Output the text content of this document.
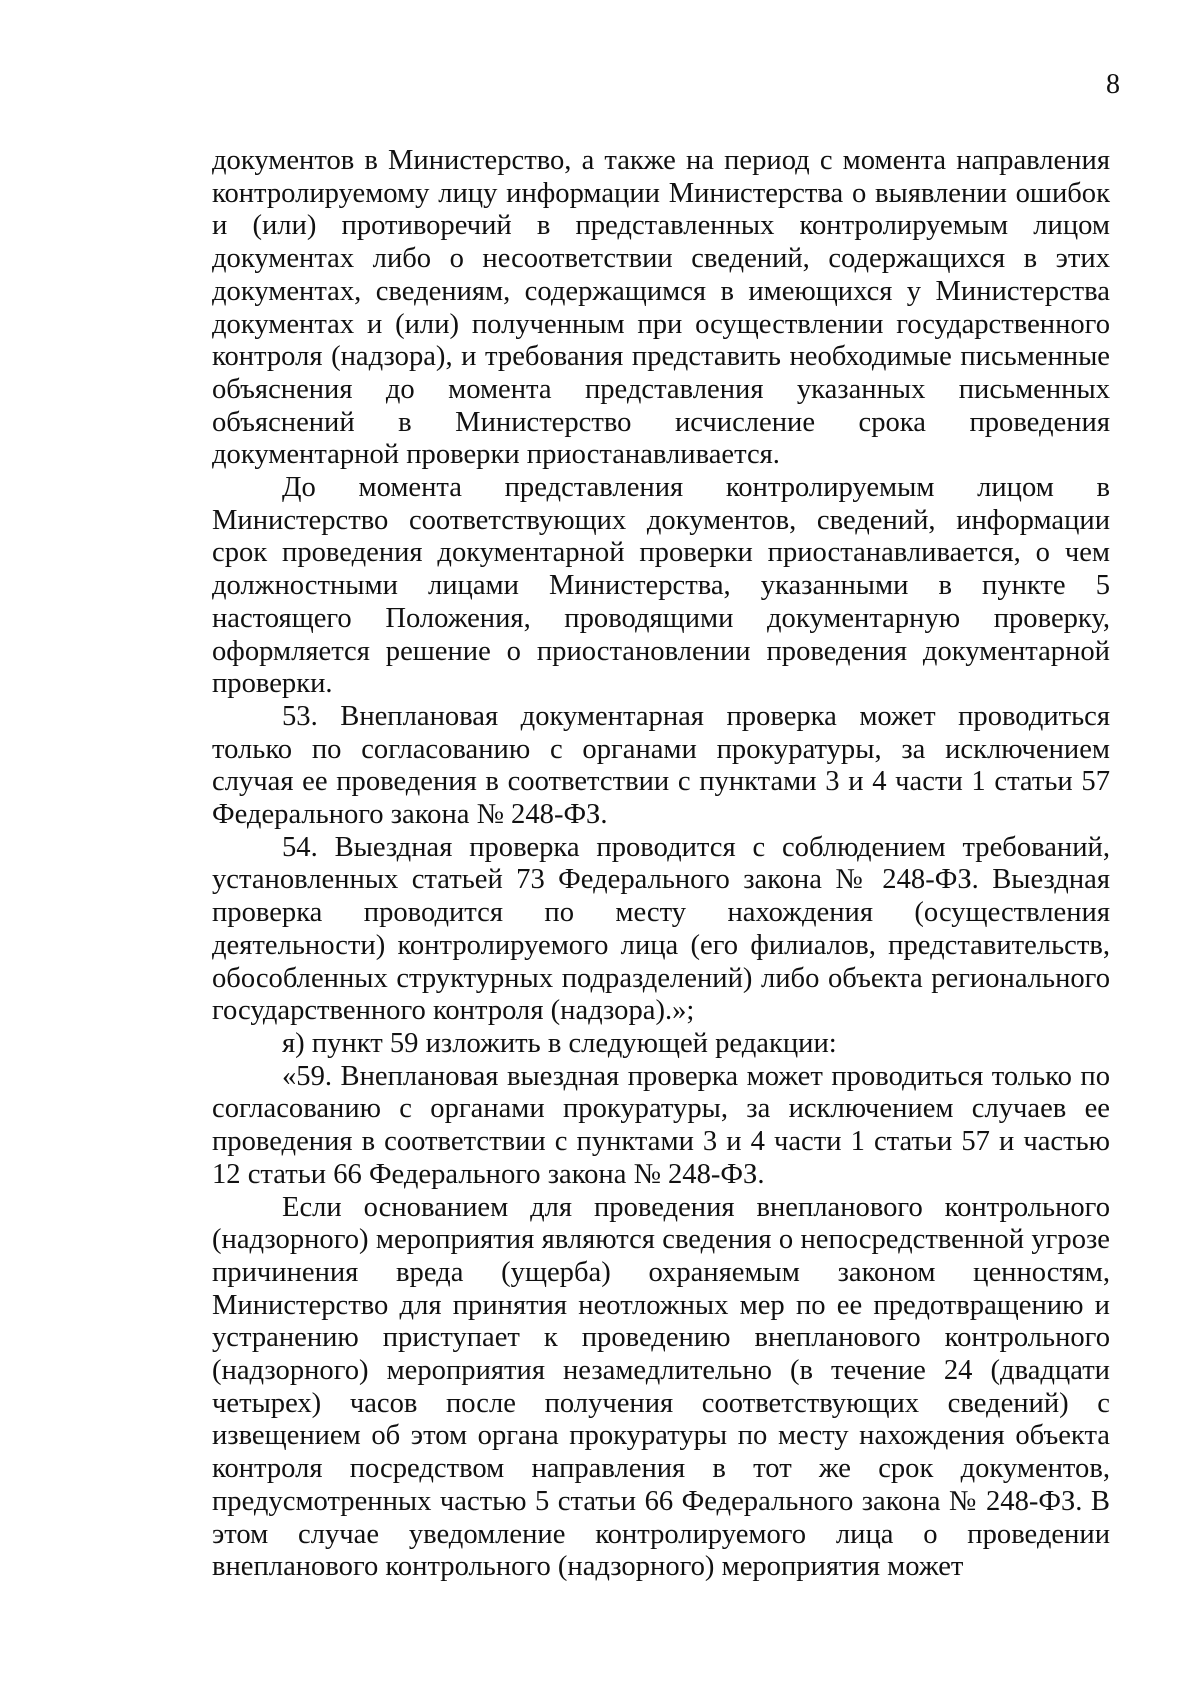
8

документов в Министерство, а также на период с момента направления контролируемому лицу информации Министерства о выявлении ошибок и (или) противоречий в представленных контролируемым лицом документах либо о несоответствии сведений, содержащихся в этих документах, сведениям, содержащимся в имеющихся у Министерства документах и (или) полученным при осуществлении государственного контроля (надзора), и требования представить необходимые письменные объяснения до момента представления указанных письменных объяснений в Министерство исчисление срока проведения документарной проверки приостанавливается.

До момента представления контролируемым лицом в Министерство соответствующих документов, сведений, информации срок проведения документарной проверки приостанавливается, о чем должностными лицами Министерства, указанными в пункте 5 настоящего Положения, проводящими документарную проверку, оформляется решение о приостановлении проведения документарной проверки.

53. Внеплановая документарная проверка может проводиться только по согласованию с органами прокуратуры, за исключением случая ее проведения в соответствии с пунктами 3 и 4 части 1 статьи 57 Федерального закона № 248-ФЗ.

54. Выездная проверка проводится с соблюдением требований, установленных статьей 73 Федерального закона № 248-ФЗ. Выездная проверка проводится по месту нахождения (осуществления деятельности) контролируемого лица (его филиалов, представительств, обособленных структурных подразделений) либо объекта регионального государственного контроля (надзора).»;

я) пункт 59 изложить в следующей редакции:

«59. Внеплановая выездная проверка может проводиться только по согласованию с органами прокуратуры, за исключением случаев ее проведения в соответствии с пунктами 3 и 4 части 1 статьи 57 и частью 12 статьи 66 Федерального закона № 248-ФЗ.

Если основанием для проведения внепланового контрольного (надзорного) мероприятия являются сведения о непосредственной угрозе причинения вреда (ущерба) охраняемым законом ценностям, Министерство для принятия неотложных мер по ее предотвращению и устранению приступает к проведению внепланового контрольного (надзорного) мероприятия незамедлительно (в течение 24 (двадцати четырех) часов после получения соответствующих сведений) с извещением об этом органа прокуратуры по месту нахождения объекта контроля посредством направления в тот же срок документов, предусмотренных частью 5 статьи 66 Федерального закона № 248-ФЗ. В этом случае уведомление контролируемого лица о проведении внепланового контрольного (надзорного) мероприятия может
